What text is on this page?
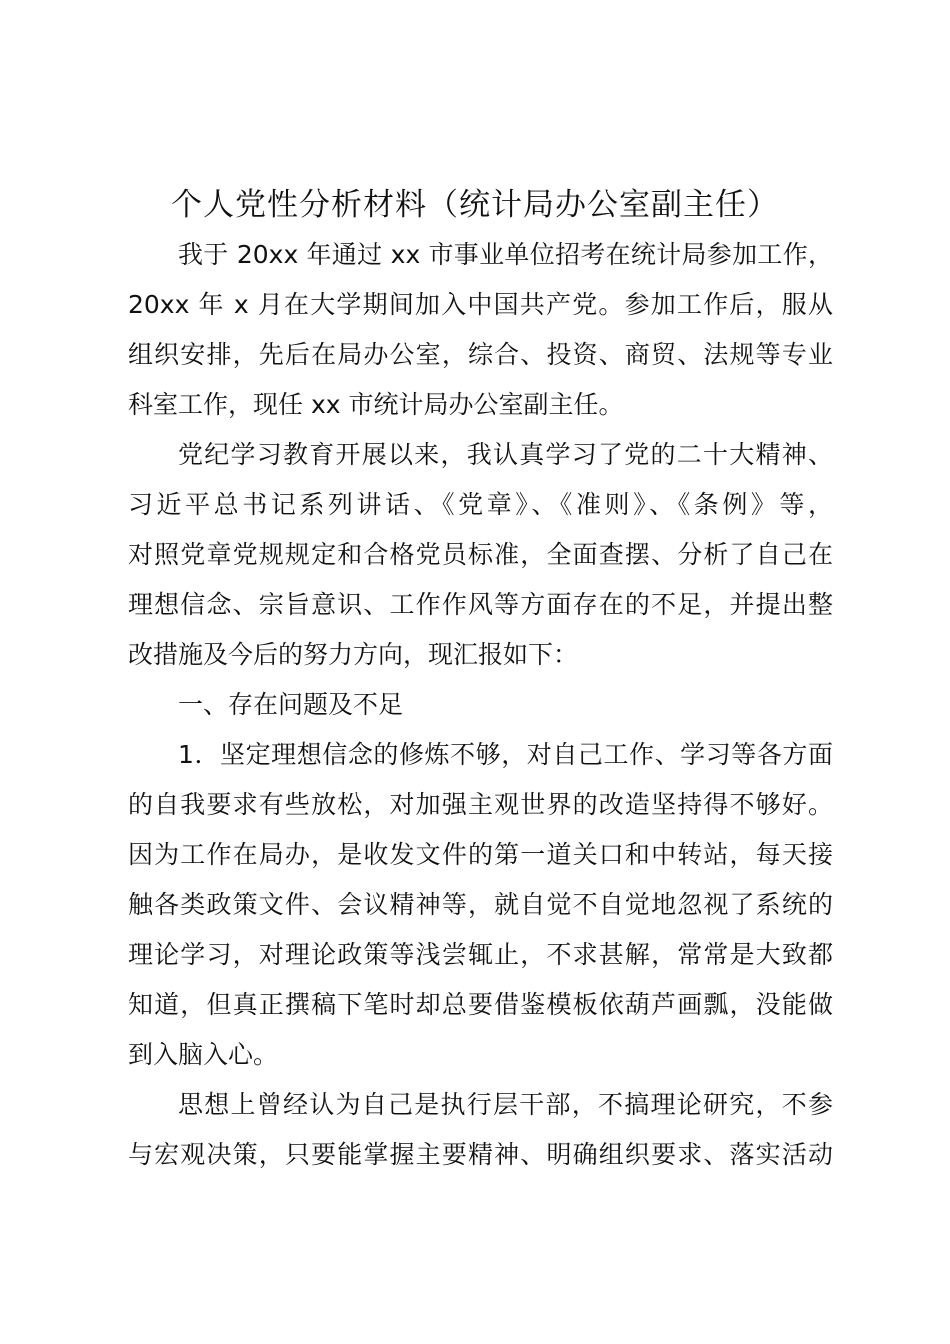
个人党性分析材料（统计局办公室副主任）

我于 20xx 年通过 xx 市事业单位招考在统计局参加工作，

20xx 年 x 月在大学期间加入中国共产党。参加工作后，服从

组织安排，先后在局办公室，综合、投资、商贸、法规等专业

科室工作，现任 xx 市统计局办公室副主任。

党纪学习教育开展以来，我认真学习了党的二十大精神、

习近平总书记系列讲话、《党章》、《准则》、《条例》等，

对照党章党规规定和合格党员标准，全面查摆、分析了自己在

理想信念、宗旨意识、工作作风等方面存在的不足，并提出整

改措施及今后的努力方向，现汇报如下：

一、存在问题及不足

1．坚定理想信念的修炼不够，对自己工作、学习等各方面

的自我要求有些放松，对加强主观世界的改造坚持得不够好。

因为工作在局办，是收发文件的第一道关口和中转站，每天接

触各类政策文件、会议精神等，就自觉不自觉地忽视了系统的

理论学习，对理论政策等浅尝辄止，不求甚解，常常是大致都

知道，但真正撰稿下笔时却总要借鉴模板依葫芦画瓢，没能做

到入脑入心。

思想上曾经认为自己是执行层干部，不搞理论研究，不参

与宏观决策，只要能掌握主要精神、明确组织要求、落实活动
